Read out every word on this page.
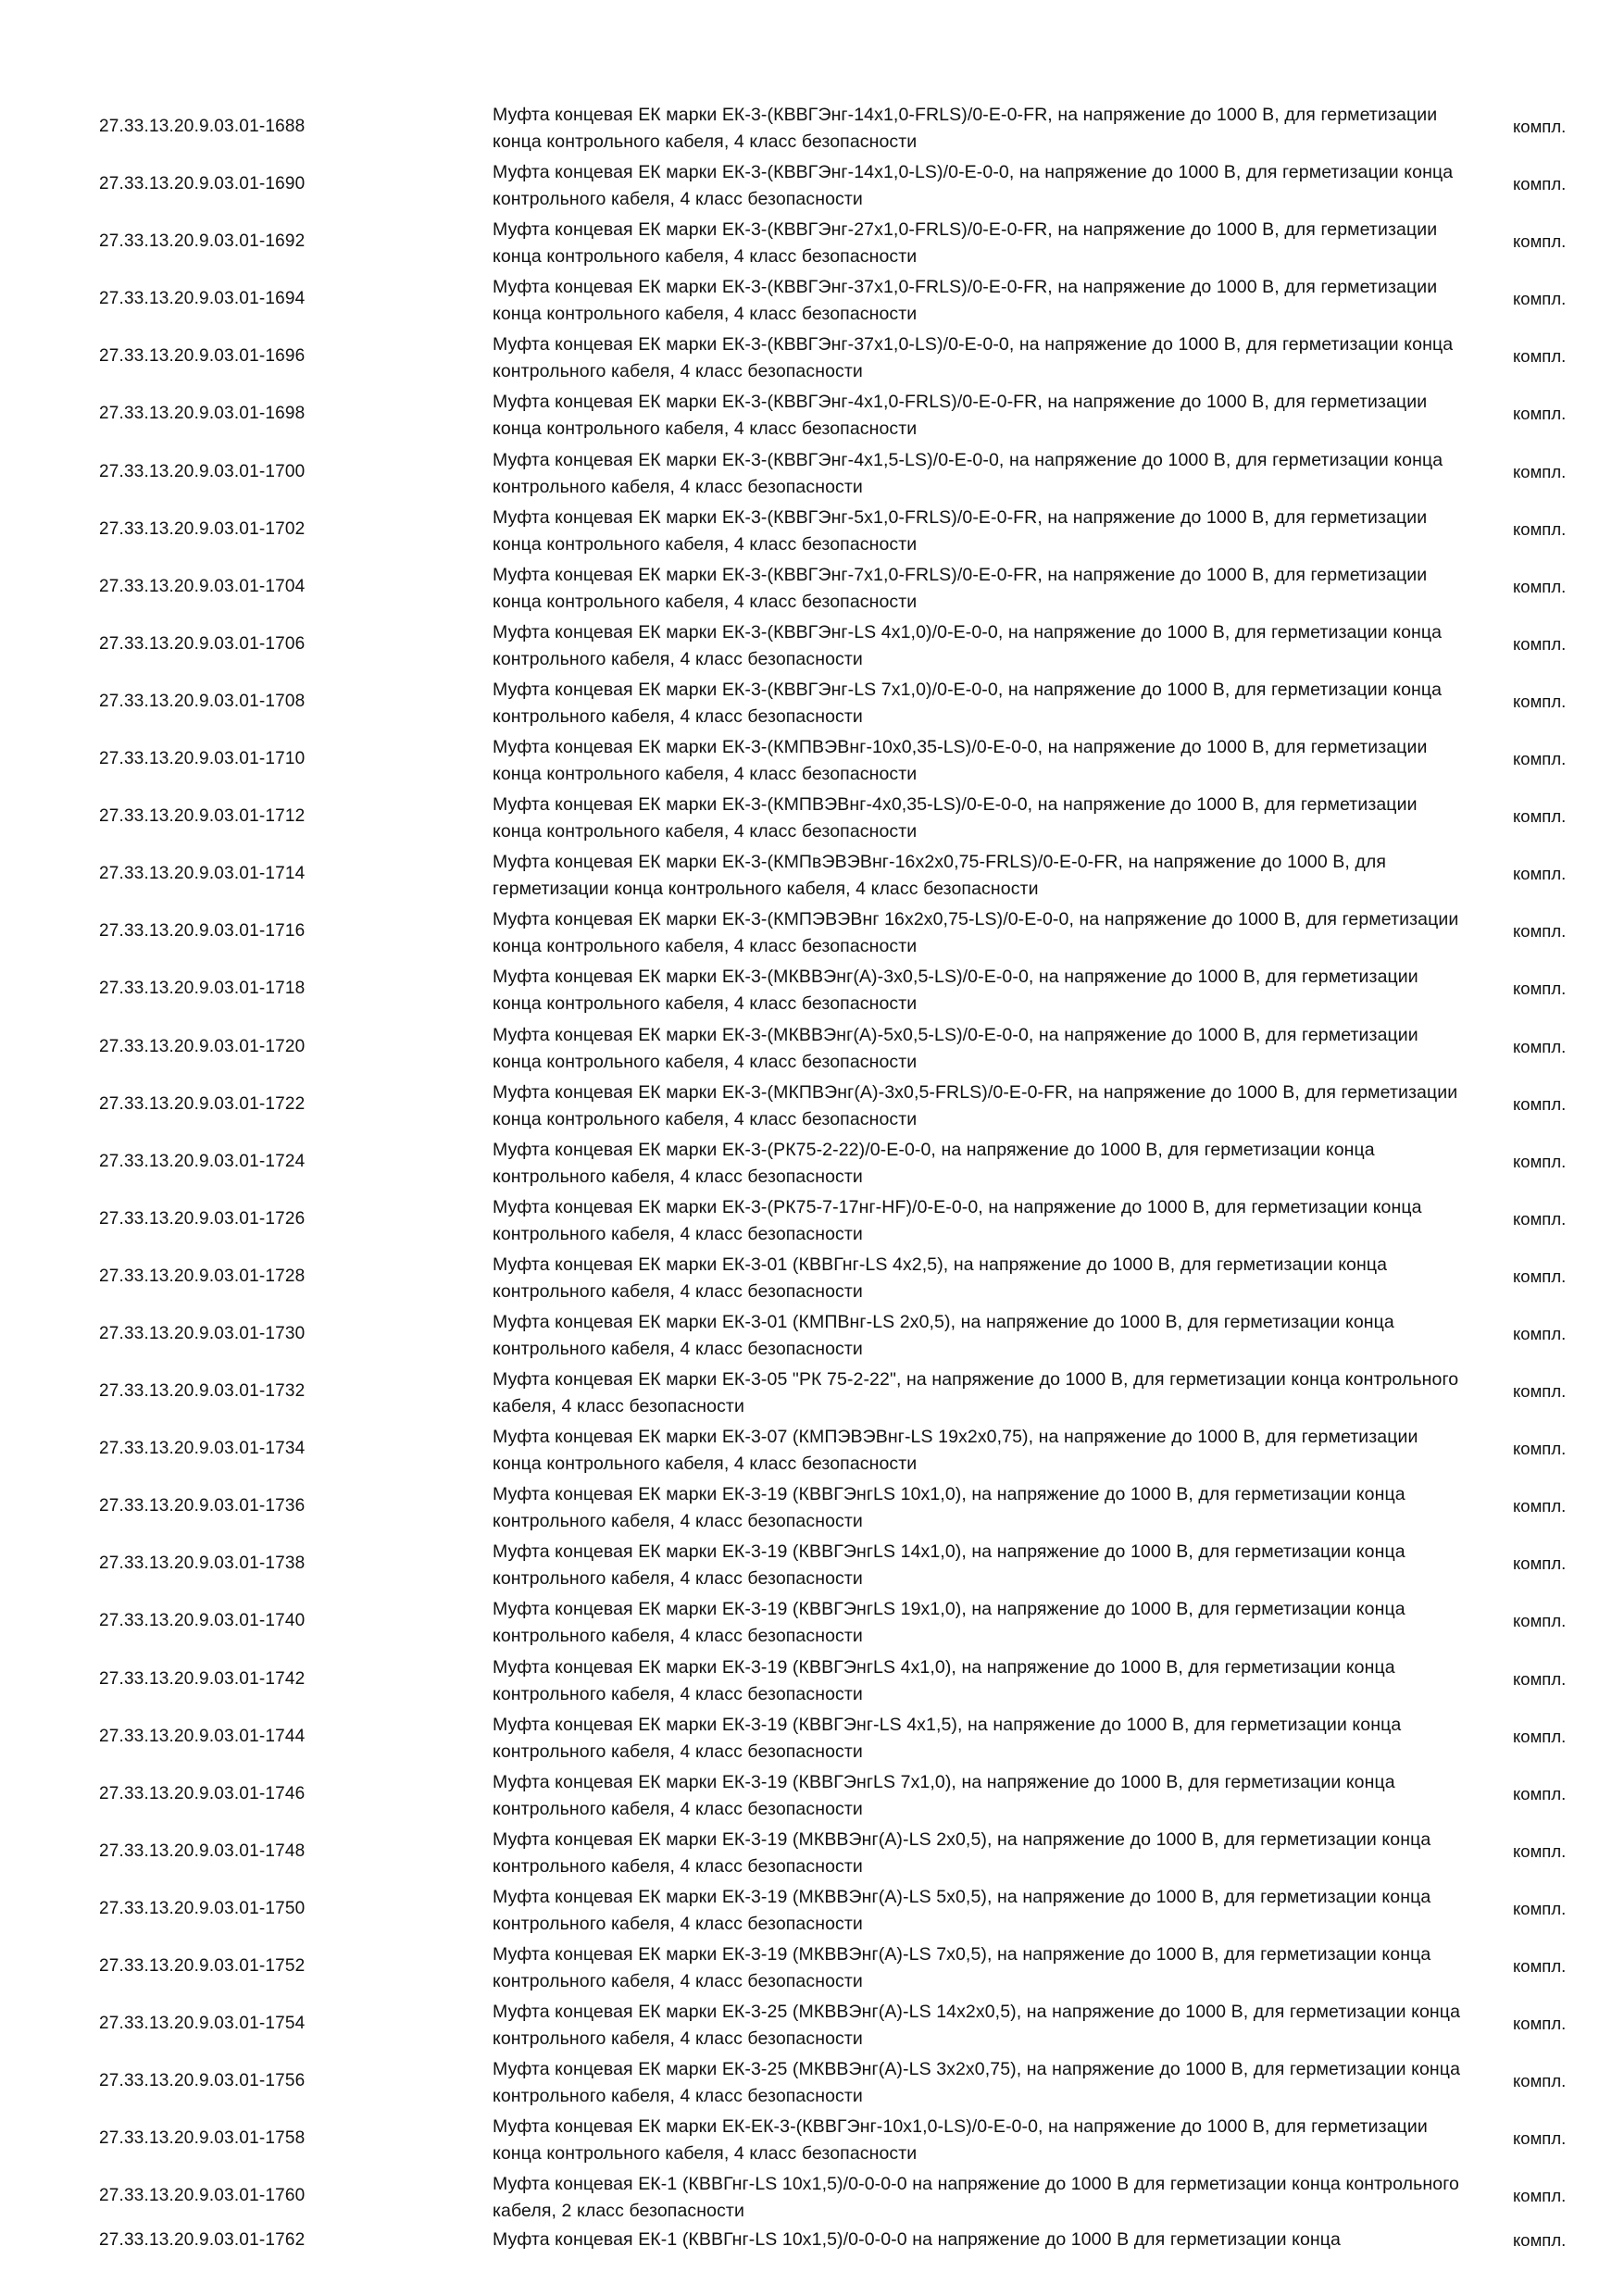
27.33.13.20.9.03.01-1688
Муфта концевая ЕК марки ЕК-3-(КВВГЭнг-14х1,0-FRLS)/0-Е-0-FR, на напряжение до 1000 В, для герметизации конца контрольного кабеля, 4 класс безопасности
компл.
27.33.13.20.9.03.01-1690
Муфта концевая ЕК марки ЕК-3-(КВВГЭнг-14х1,0-LS)/0-Е-0-0, на напряжение до 1000 В, для герметизации конца контрольного кабеля, 4 класс безопасности
компл.
27.33.13.20.9.03.01-1692
Муфта концевая ЕК марки ЕК-3-(КВВГЭнг-27х1,0-FRLS)/0-Е-0-FR, на напряжение до 1000 В, для герметизации конца контрольного кабеля, 4 класс безопасности
компл.
27.33.13.20.9.03.01-1694
Муфта концевая ЕК марки ЕК-3-(КВВГЭнг-37х1,0-FRLS)/0-Е-0-FR, на напряжение до 1000 В, для герметизации конца контрольного кабеля, 4 класс безопасности
компл.
27.33.13.20.9.03.01-1696
Муфта концевая ЕК марки ЕК-3-(КВВГЭнг-37х1,0-LS)/0-Е-0-0, на напряжение до 1000 В, для герметизации конца контрольного кабеля, 4 класс безопасности
компл.
27.33.13.20.9.03.01-1698
Муфта концевая ЕК марки ЕК-3-(КВВГЭнг-4х1,0-FRLS)/0-Е-0-FR, на напряжение до 1000 В, для герметизации конца контрольного кабеля, 4 класс безопасности
компл.
27.33.13.20.9.03.01-1700
Муфта концевая ЕК марки ЕК-3-(КВВГЭнг-4х1,5-LS)/0-Е-0-0, на напряжение до 1000 В, для герметизации конца контрольного кабеля, 4 класс безопасности
компл.
27.33.13.20.9.03.01-1702
Муфта концевая ЕК марки ЕК-3-(КВВГЭнг-5х1,0-FRLS)/0-Е-0-FR, на напряжение до 1000 В, для герметизации конца контрольного кабеля, 4 класс безопасности
компл.
27.33.13.20.9.03.01-1704
Муфта концевая ЕК марки ЕК-3-(КВВГЭнг-7х1,0-FRLS)/0-Е-0-FR, на напряжение до 1000 В, для герметизации конца контрольного кабеля, 4 класс безопасности
компл.
27.33.13.20.9.03.01-1706
Муфта концевая ЕК марки ЕК-3-(КВВГЭнг-LS 4х1,0)/0-Е-0-0, на напряжение до 1000 В, для герметизации конца контрольного кабеля, 4 класс безопасности
компл.
27.33.13.20.9.03.01-1708
Муфта концевая ЕК марки ЕК-3-(КВВГЭнг-LS 7х1,0)/0-Е-0-0, на напряжение до 1000 В, для герметизации конца контрольного кабеля, 4 класс безопасности
компл.
27.33.13.20.9.03.01-1710
Муфта концевая ЕК марки ЕК-3-(КМПВЭВнг-10х0,35-LS)/0-Е-0-0, на напряжение до 1000 В, для герметизации конца контрольного кабеля, 4 класс безопасности
компл.
27.33.13.20.9.03.01-1712
Муфта концевая ЕК марки ЕК-3-(КМПВЭВнг-4х0,35-LS)/0-Е-0-0, на напряжение до 1000 В, для герметизации конца контрольного кабеля, 4 класс безопасности
компл.
27.33.13.20.9.03.01-1714
Муфта концевая ЕК марки ЕК-3-(КМПвЭВЭВнг-16х2х0,75-FRLS)/0-Е-0-FR, на напряжение до 1000 В, для герметизации конца контрольного кабеля, 4 класс безопасности
компл.
27.33.13.20.9.03.01-1716
Муфта концевая ЕК марки ЕК-3-(КМПЭВЭВнг 16х2х0,75-LS)/0-Е-0-0, на напряжение до 1000 В, для герметизации конца контрольного кабеля, 4 класс безопасности
компл.
27.33.13.20.9.03.01-1718
Муфта концевая ЕК марки ЕК-3-(МКВВЭнг(А)-3х0,5-LS)/0-Е-0-0, на напряжение до 1000 В, для герметизации конца контрольного кабеля, 4 класс безопасности
компл.
27.33.13.20.9.03.01-1720
Муфта концевая ЕК марки ЕК-3-(МКВВЭнг(А)-5х0,5-LS)/0-Е-0-0, на напряжение до 1000 В, для герметизации конца контрольного кабеля, 4 класс безопасности
компл.
27.33.13.20.9.03.01-1722
Муфта концевая ЕК марки ЕК-3-(МКПВЭнг(А)-3х0,5-FRLS)/0-Е-0-FR, на напряжение до 1000 В, для герметизации конца контрольного кабеля, 4 класс безопасности
компл.
27.33.13.20.9.03.01-1724
Муфта концевая ЕК марки ЕК-3-(РК75-2-22)/0-Е-0-0, на напряжение до 1000 В, для герметизации конца контрольного кабеля, 4 класс безопасности
компл.
27.33.13.20.9.03.01-1726
Муфта концевая ЕК марки ЕК-3-(РК75-7-17нг-HF)/0-Е-0-0, на напряжение до 1000 В, для герметизации конца контрольного кабеля, 4 класс безопасности
компл.
27.33.13.20.9.03.01-1728
Муфта концевая ЕК марки ЕК-3-01 (КВВГнг-LS 4х2,5), на напряжение до 1000 В, для герметизации конца контрольного кабеля, 4 класс безопасности
компл.
27.33.13.20.9.03.01-1730
Муфта концевая ЕК марки ЕК-3-01 (КМПВнг-LS 2х0,5), на напряжение до 1000 В, для герметизации конца контрольного кабеля, 4 класс безопасности
компл.
27.33.13.20.9.03.01-1732
Муфта концевая ЕК марки ЕК-3-05 "РК 75-2-22", на напряжение до 1000 В, для герметизации конца контрольного кабеля, 4 класс безопасности
компл.
27.33.13.20.9.03.01-1734
Муфта концевая ЕК марки ЕК-3-07 (КМПЭВЭВнг-LS 19х2х0,75), на напряжение до 1000 В, для герметизации конца контрольного кабеля, 4 класс безопасности
компл.
27.33.13.20.9.03.01-1736
Муфта концевая ЕК марки ЕК-3-19 (КВВГЭнгLS 10х1,0), на напряжение до 1000 В, для герметизации конца контрольного кабеля, 4 класс безопасности
компл.
27.33.13.20.9.03.01-1738
Муфта концевая ЕК марки ЕК-3-19 (КВВГЭнгLS 14х1,0), на напряжение до 1000 В, для герметизации конца контрольного кабеля, 4 класс безопасности
компл.
27.33.13.20.9.03.01-1740
Муфта концевая ЕК марки ЕК-3-19 (КВВГЭнгLS 19х1,0), на напряжение до 1000 В, для герметизации конца контрольного кабеля, 4 класс безопасности
компл.
27.33.13.20.9.03.01-1742
Муфта концевая ЕК марки ЕК-3-19 (КВВГЭнгLS 4х1,0), на напряжение до 1000 В, для герметизации конца контрольного кабеля, 4 класс безопасности
компл.
27.33.13.20.9.03.01-1744
Муфта концевая ЕК марки ЕК-3-19 (КВВГЭнг-LS 4х1,5), на напряжение до 1000 В, для герметизации конца контрольного кабеля, 4 класс безопасности
компл.
27.33.13.20.9.03.01-1746
Муфта концевая ЕК марки ЕК-3-19 (КВВГЭнгLS 7х1,0), на напряжение до 1000 В, для герметизации конца контрольного кабеля, 4 класс безопасности
компл.
27.33.13.20.9.03.01-1748
Муфта концевая ЕК марки ЕК-3-19 (МКВВЭнг(А)-LS 2х0,5), на напряжение до 1000 В, для герметизации конца контрольного кабеля, 4 класс безопасности
компл.
27.33.13.20.9.03.01-1750
Муфта концевая ЕК марки ЕК-3-19 (МКВВЭнг(А)-LS 5х0,5), на напряжение до 1000 В, для герметизации конца контрольного кабеля, 4 класс безопасности
компл.
27.33.13.20.9.03.01-1752
Муфта концевая ЕК марки ЕК-3-19 (МКВВЭнг(А)-LS 7х0,5), на напряжение до 1000 В, для герметизации конца контрольного кабеля, 4 класс безопасности
компл.
27.33.13.20.9.03.01-1754
Муфта концевая ЕК марки ЕК-3-25 (МКВВЭнг(А)-LS 14х2х0,5), на напряжение до 1000 В, для герметизации конца контрольного кабеля, 4 класс безопасности
компл.
27.33.13.20.9.03.01-1756
Муфта концевая ЕК марки ЕК-3-25 (МКВВЭнг(А)-LS 3х2х0,75), на напряжение до 1000 В, для герметизации конца контрольного кабеля, 4 класс безопасности
компл.
27.33.13.20.9.03.01-1758
Муфта концевая ЕК марки ЕК-ЕК-3-(КВВГЭнг-10х1,0-LS)/0-Е-0-0, на напряжение до 1000 В, для герметизации конца контрольного кабеля, 4 класс безопасности
компл.
27.33.13.20.9.03.01-1760
Муфта концевая ЕК-1 (КВВГнг-LS 10х1,5)/0-0-0-0 на напряжение до 1000 В для герметизации конца контрольного кабеля, 2 класс безопасности
компл.
27.33.13.20.9.03.01-1762	Муфта концевая ЕК-1 (КВВГнг-LS 10х1,5)/0-0-0-0 на напряжение до 1000 В для герметизации конца	компл.
